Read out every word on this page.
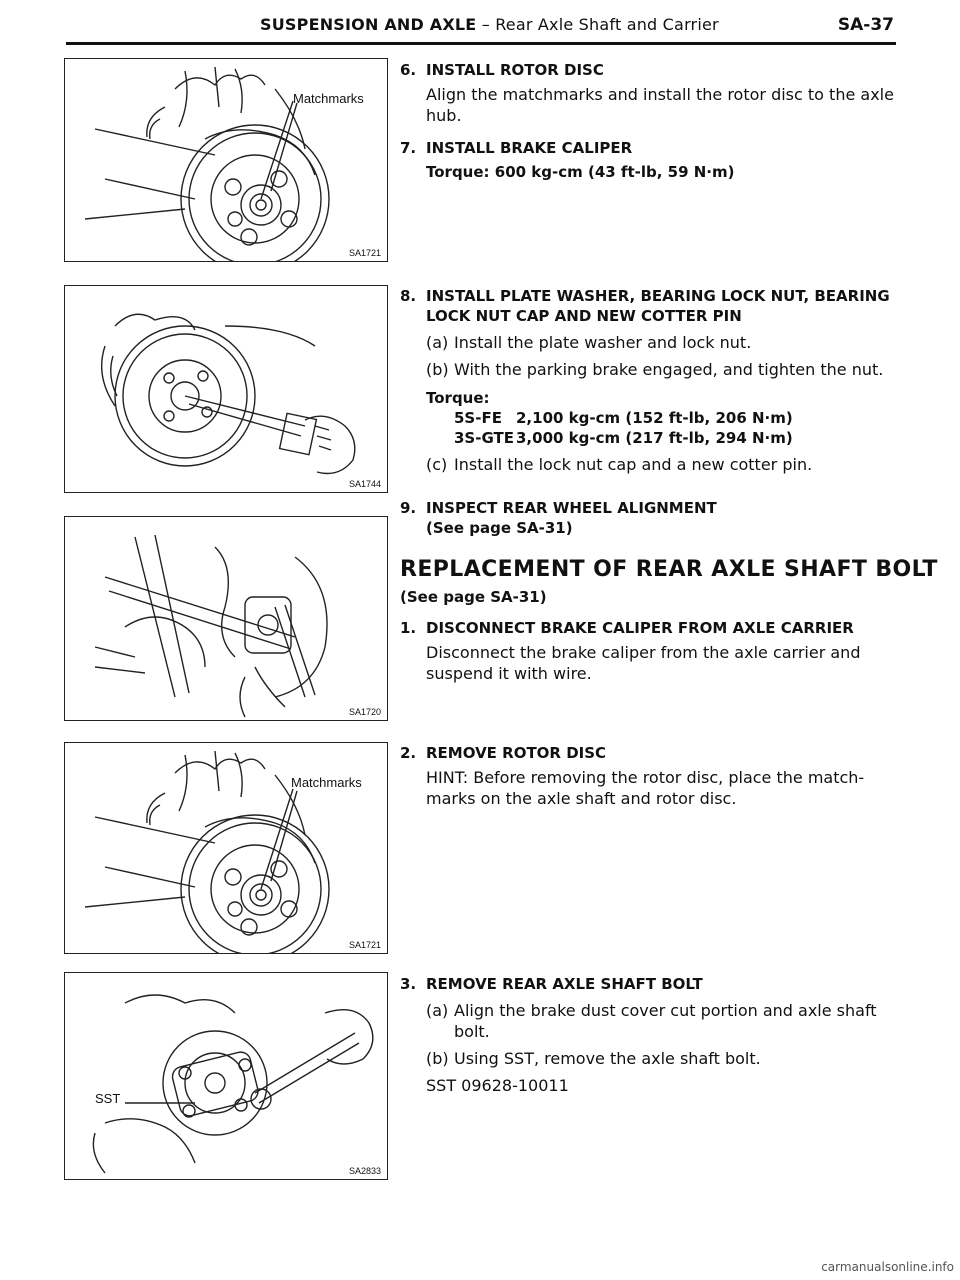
SUSPENSION AND AXLE – Rear Axle Shaft and Carrier	SA-37
Matchmarks
SA1721
SA1744
SA1720
Matchmarks
SA1721
SST
SA2833
6. INSTALL ROTOR DISC
Align the matchmarks and install the rotor disc to the axle hub.
7. INSTALL BRAKE CALIPER
Torque: 600 kg-cm (43 ft-lb, 59 N·m)
8. INSTALL PLATE WASHER, BEARING LOCK NUT, BEARING LOCK NUT CAP AND NEW COTTER PIN
(a) Install the plate washer and lock nut.
(b) With the parking brake engaged, and tighten the nut.
Torque:
5S-FE 2,100 kg-cm (152 ft-lb, 206 N·m)
3S-GTE 3,000 kg-cm (217 ft-lb, 294 N·m)
(c) Install the lock nut cap and a new cotter pin.
9. INSPECT REAR WHEEL ALIGNMENT
(See page SA-31)
REPLACEMENT OF REAR AXLE SHAFT BOLT
(See page SA-31)
1. DISCONNECT BRAKE CALIPER FROM AXLE CARRIER
Disconnect the brake caliper from the axle carrier and suspend it with wire.
2. REMOVE ROTOR DISC
HINT: Before removing the rotor disc, place the match-marks on the axle shaft and rotor disc.
3. REMOVE REAR AXLE SHAFT BOLT
(a) Align the brake dust cover cut portion and axle shaft bolt.
(b) Using SST, remove the axle shaft bolt.
SST 09628-10011
carmanualsonline.info
